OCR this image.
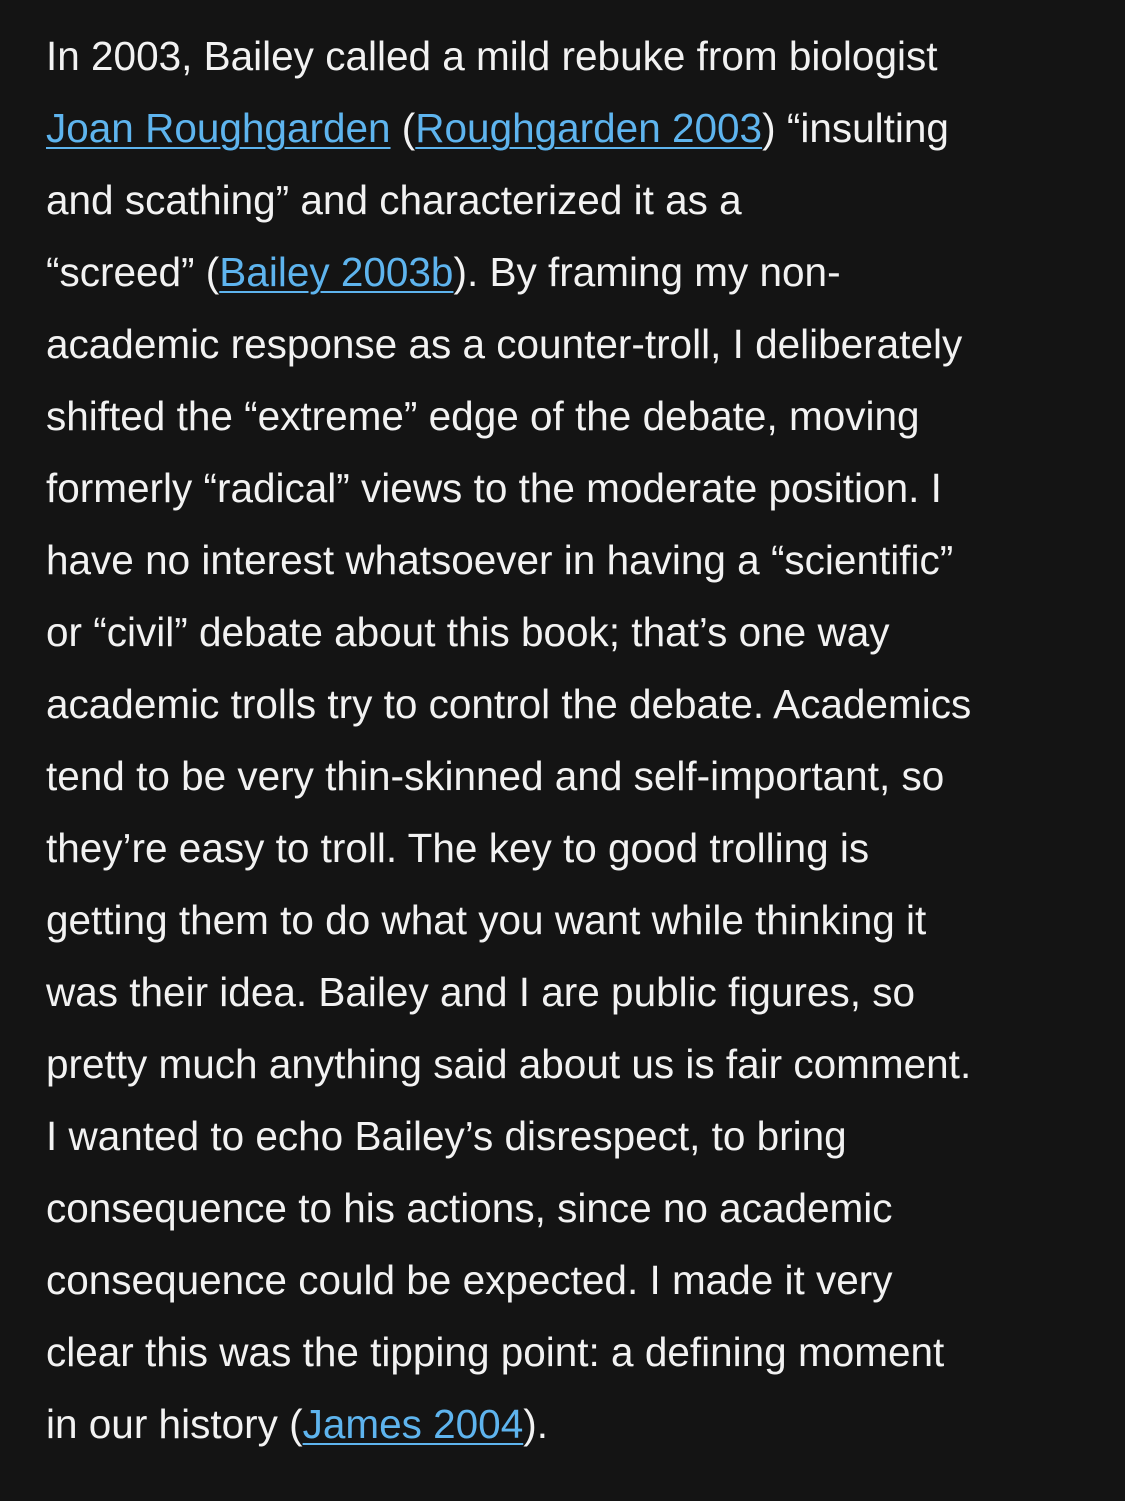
In 2003, Bailey called a mild rebuke from biologist
Joan Roughgarden (Roughgarden 2003) “insulting
and scathing” and characterized it as a
“screed” (Bailey 2003b). By framing my non-
academic response as a counter-troll, I deliberately
shifted the “extreme” edge of the debate, moving
formerly “radical” views to the moderate position. I
have no interest whatsoever in having a “scientific”
or “civil” debate about this book; that’s one way
academic trolls try to control the debate. Academics
tend to be very thin-skinned and self-important, so
they’re easy to troll. The key to good trolling is
getting them to do what you want while thinking it
was their idea. Bailey and I are public figures, so
pretty much anything said about us is fair comment.
I wanted to echo Bailey’s disrespect, to bring
consequence to his actions, since no academic
consequence could be expected. I made it very
clear this was the tipping point: a defining moment
in our history (James 2004).
